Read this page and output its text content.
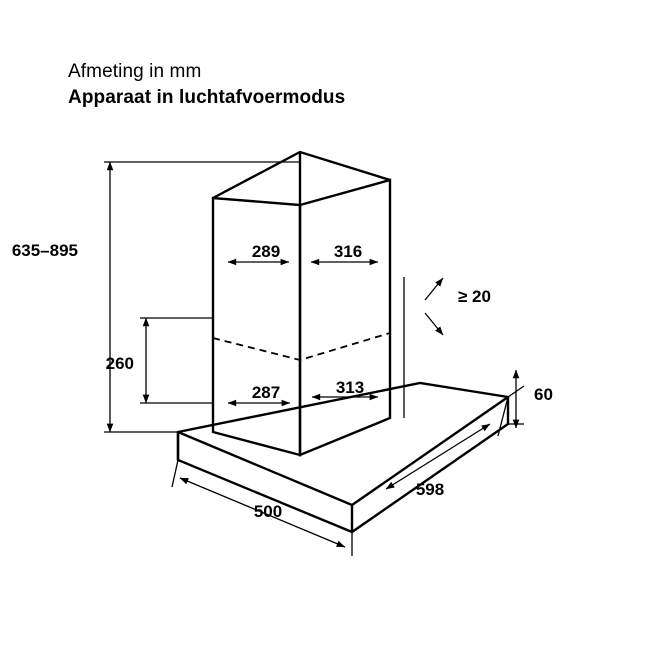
Afmeting in mm
Apparaat in luchtafvoermodus
635–895
260
289	316
287	313
≥ 20
60
598
500
